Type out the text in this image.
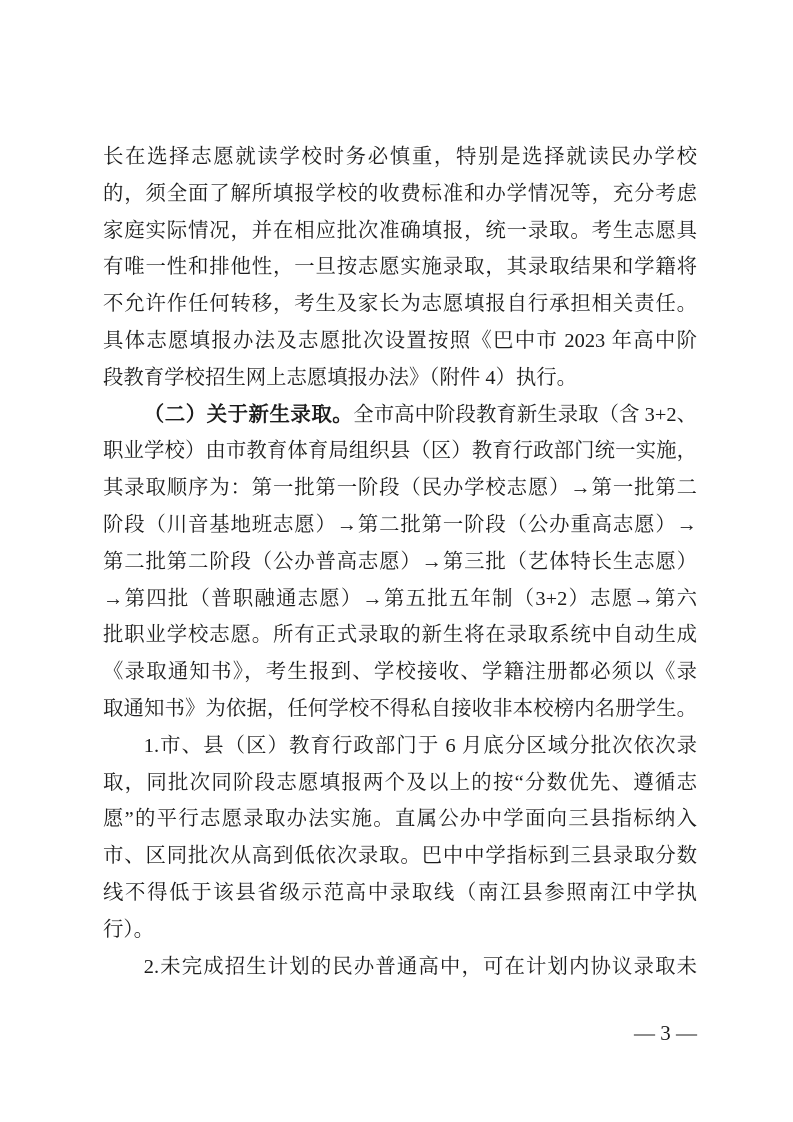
长在选择志愿就读学校时务必慎重，特别是选择就读民办学校
的，须全面了解所填报学校的收费标准和办学情况等，充分考虑
家庭实际情况，并在相应批次准确填报，统一录取。考生志愿具
有唯一性和排他性，一旦按志愿实施录取，其录取结果和学籍将
不允许作任何转移，考生及家长为志愿填报自行承担相关责任。
具体志愿填报办法及志愿批次设置按照《巴中市 2023 年高中阶
段教育学校招生网上志愿填报办法》（附件 4）执行。
（二）关于新生录取。全市高中阶段教育新生录取（含 3+2、
职业学校）由市教育体育局组织县（区）教育行政部门统一实施，
其录取顺序为：第一批第一阶段（民办学校志愿）→第一批第二
阶段（川音基地班志愿）→第二批第一阶段（公办重高志愿）→
第二批第二阶段（公办普高志愿）→第三批（艺体特长生志愿）
→第四批（普职融通志愿）→第五批五年制（3+2）志愿→第六
批职业学校志愿。所有正式录取的新生将在录取系统中自动生成
《录取通知书》，考生报到、学校接收、学籍注册都必须以《录
取通知书》为依据，任何学校不得私自接收非本校榜内名册学生。
1.市、县（区）教育行政部门于 6 月底分区域分批次依次录
取，同批次同阶段志愿填报两个及以上的按“分数优先、遵循志
愿”的平行志愿录取办法实施。直属公办中学面向三县指标纳入
市、区同批次从高到低依次录取。巴中中学指标到三县录取分数
线不得低于该县省级示范高中录取线（南江县参照南江中学执
行）。
2.未完成招生计划的民办普通高中，可在计划内协议录取未
— 3 —
